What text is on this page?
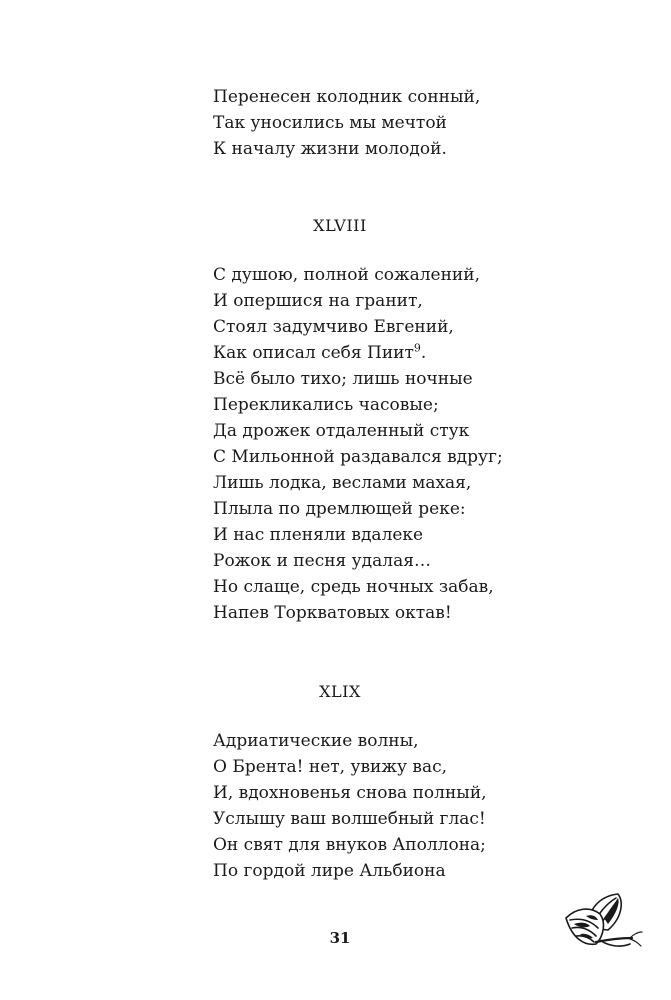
Перенесен колодник сонный,
Так уносились мы мечтой
К началу жизни молодой.
XLVIII
С душою, полной сожалений,
И опершися на гранит,
Стоял задумчиво Евгений,
Как описал себя Пиит$^9$.
Всё было тихо; лишь ночные
Перекликались часовые;
Да дрожек отдаленный стук
С Мильонной раздавался вдруг;
Лишь лодка, веслами махая,
Плыла по дремлющей реке:
И нас пленяли вдалеке
Рожок и песня удалая…
Но слаще, средь ночных забав,
Напев Торкватовых октав!
XLIX
Адриатические волны,
О Брента! нет, увижу вас,
И, вдохновенья снова полный,
Услышу ваш волшебный глас!
Он свят для внуков Аполлона;
По гордой лире Альбиона
31
